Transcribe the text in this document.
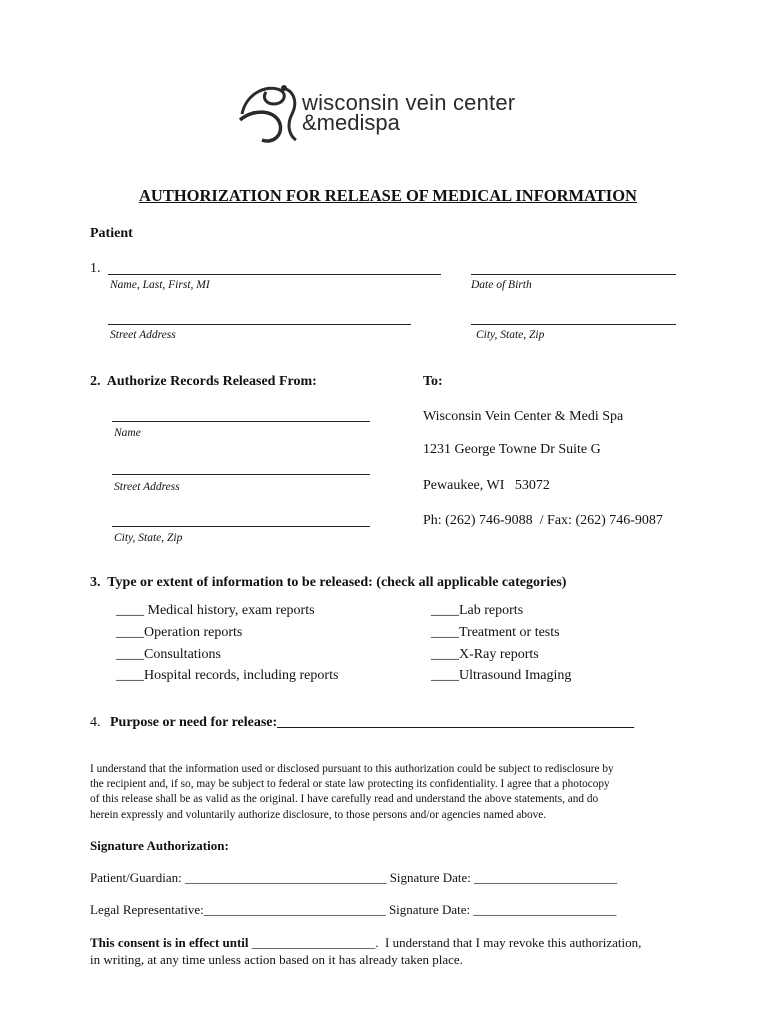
wisconsin vein center
&medispa
AUTHORIZATION FOR RELEASE OF MEDICAL INFORMATION
Patient
1.
Name, Last, First, MI	Date of Birth
Street Address	City, State, Zip
2.  Authorize Records Released From:	To:
Name
Street Address
City, State, Zip
Wisconsin Vein Center & Medi Spa
1231 George Towne Dr Suite G
Pewaukee, WI   53072
Ph: (262) 746-9088  / Fax: (262) 746-9087
3.  Type or extent of information to be released: (check all applicable categories)
____ Medical history, exam reports
____Operation reports
____Consultations
____Hospital records, including reports
____Lab reports
____Treatment or tests
____X-Ray reports
____Ultrasound Imaging
4. Purpose or need for release:___________________________________________________
I understand that the information used or disclosed pursuant to this authorization could be subject to redisclosure by
the recipient and, if so, may be subject to federal or state law protecting its confidentiality. I agree that a photocopy
of this release shall be as valid as the original. I have carefully read and understand the above statements, and do
herein expressly and voluntarily authorize disclosure, to those persons and/or agencies named above.
Signature Authorization:
Patient/Guardian: _______________________________ Signature Date: ______________________
Legal Representative:____________________________ Signature Date: ______________________
This consent is in effect until ___________________.  I understand that I may revoke this authorization,
in writing, at any time unless action based on it has already taken place.
